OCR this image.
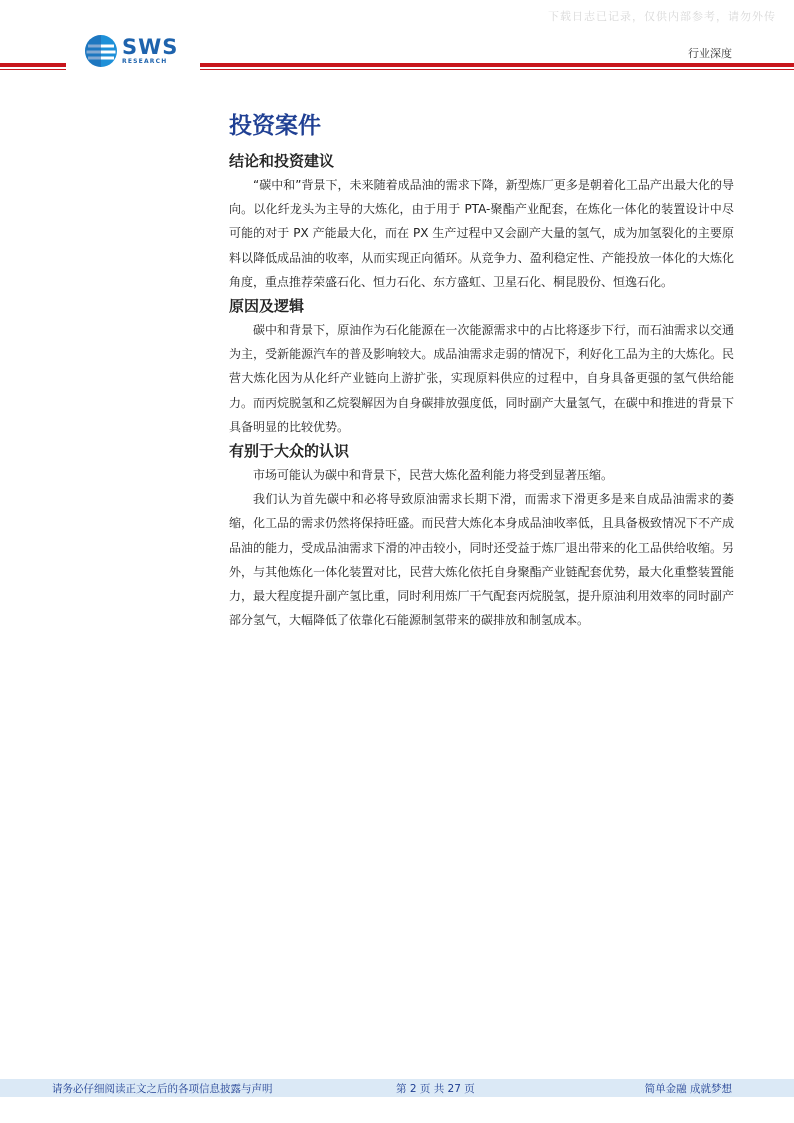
下载日志已记录，仅供内部参考，请勿外传
SWS
RESEARCH
行业深度
投资案件
结论和投资建议

“碳中和”背景下，未来随着成品油的需求下降，新型炼厂更多是朝着化工品产出最大化的导向。以化纤龙头为主导的大炼化，由于用于 PTA-聚酯产业配套，在炼化一体化的装置设计中尽可能的对于 PX 产能最大化，而在 PX 生产过程中又会副产大量的氢气，成为加氢裂化的主要原料以降低成品油的收率，从而实现正向循环。从竞争力、盈利稳定性、产能投放一体化的大炼化角度，重点推荐荣盛石化、恒力石化、东方盛虹、卫星石化、桐昆股份、恒逸石化。

原因及逻辑

碳中和背景下，原油作为石化能源在一次能源需求中的占比将逐步下行，而石油需求以交通为主，受新能源汽车的普及影响较大。成品油需求走弱的情况下，利好化工品为主的大炼化。民营大炼化因为从化纤产业链向上游扩张，实现原料供应的过程中，自身具备更强的氢气供给能力。而丙烷脱氢和乙烷裂解因为自身碳排放强度低，同时副产大量氢气，在碳中和推进的背景下具备明显的比较优势。

有别于大众的认识

市场可能认为碳中和背景下，民营大炼化盈利能力将受到显著压缩。

我们认为首先碳中和必将导致原油需求长期下滑，而需求下滑更多是来自成品油需求的萎缩，化工品的需求仍然将保持旺盛。而民营大炼化本身成品油收率低，且具备极致情况下不产成品油的能力，受成品油需求下滑的冲击较小，同时还受益于炼厂退出带来的化工品供给收缩。另外，与其他炼化一体化装置对比，民营大炼化依托自身聚酯产业链配套优势，最大化重整装置能力，最大程度提升副产氢比重，同时利用炼厂干气配套丙烷脱氢，提升原油利用效率的同时副产部分氢气，大幅降低了依靠化石能源制氢带来的碳排放和制氢成本。

请务必仔细阅读正文之后的各项信息披露与声明	第 2 页 共 27 页	简单金融 成就梦想
